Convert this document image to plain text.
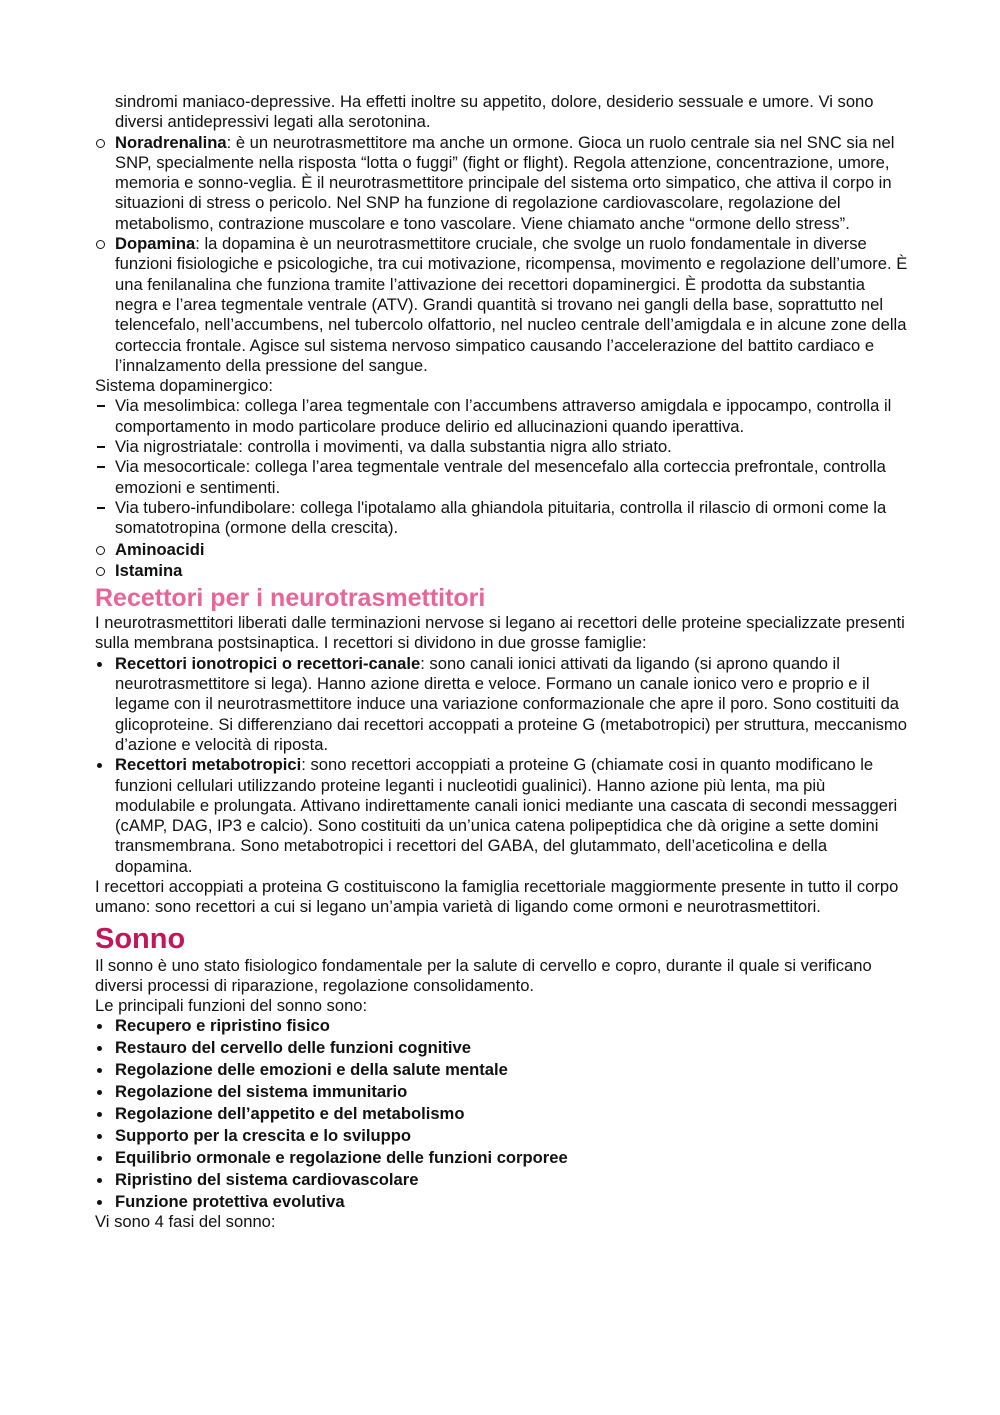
sindromi maniaco-depressive. Ha effetti inoltre su appetito, dolore, desiderio sessuale e umore. Vi sono diversi antidepressivi legati alla serotonina.

Noradrenalina: è un neurotrasmettitore ma anche un ormone. Gioca un ruolo centrale sia nel SNC sia nel SNP, specialmente nella risposta “lotta o fuggi” (fight or flight). Regola attenzione, concentrazione, umore, memoria e sonno-veglia. È il neurotrasmettitore principale del sistema orto simpatico, che attiva il corpo in situazioni di stress o pericolo. Nel SNP ha funzione di regolazione cardiovascolare, regolazione del metabolismo, contrazione muscolare e tono vascolare. Viene chiamato anche “ormone dello stress”.
Dopamina: la dopamina è un neurotrasmettitore cruciale, che svolge un ruolo fondamentale in diverse funzioni fisiologiche e psicologiche, tra cui motivazione, ricompensa, movimento e regolazione dell’umore. È una fenilanalina che funziona tramite l’attivazione dei recettori dopaminergici. È prodotta da substantia negra e l’area tegmentale ventrale (ATV). Grandi quantità si trovano nei gangli della base, soprattutto nel telencefalo, nell’accumbens, nel tubercolo olfattorio, nel nucleo centrale dell’amigdala e in alcune zone della corteccia frontale. Agisce sul sistema nervoso simpatico causando l’accelerazione del battito cardiaco e l’innalzamento della pressione del sangue.

Sistema dopaminergico:

Via mesolimbica: collega l’area tegmentale con l’accumbens attraverso amigdala e ippocampo, controlla il comportamento in modo particolare produce delirio ed allucinazioni quando iperattiva.
Via nigrostriatale: controlla i movimenti, va dalla substantia nigra allo striato.
Via mesocorticale: collega l’area tegmentale ventrale del mesencefalo alla corteccia prefrontale, controlla emozioni e sentimenti.
Via tubero-infundibolare: collega l'ipotalamo alla ghiandola pituitaria, controlla il rilascio di ormoni come la somatotropina (ormone della crescita).
Aminoacidi
Istamina
Recettori per i neurotrasmettitori

I neurotrasmettitori liberati dalle terminazioni nervose si legano ai recettori delle proteine specializzate presenti sulla membrana postsinaptica. I recettori si dividono in due grosse famiglie:

Recettori ionotropici o recettori-canale: sono canali ionici attivati da ligando (si aprono quando il neurotrasmettitore si lega). Hanno azione diretta e veloce. Formano un canale ionico vero e proprio e il legame con il neurotrasmettitore induce una variazione conformazionale che apre il poro. Sono costituiti da glicoproteine. Si differenziano dai recettori accoppati a proteine G (metabotropici) per struttura, meccanismo d’azione e velocità di riposta.
Recettori metabotropici: sono recettori accoppiati a proteine G (chiamate cosi in quanto modificano le funzioni cellulari utilizzando proteine leganti i nucleotidi gualinici). Hanno azione più lenta, ma più modulabile e prolungata. Attivano indirettamente canali ionici mediante una cascata di secondi messaggeri (cAMP, DAG, IP3 e calcio). Sono costituiti da un’unica catena polipeptidica che dà origine a sette domini transmembrana. Sono metabotropici i recettori del GABA, del glutammato, dell’aceticolina e della dopamina.

I recettori accoppiati a proteina G costituiscono la famiglia recettoriale maggiormente presente in tutto il corpo umano: sono recettori a cui si legano un’ampia varietà di ligando come ormoni e neurotrasmettitori.

Sonno

Il sonno è uno stato fisiologico fondamentale per la salute di cervello e copro, durante il quale si verificano diversi processi di riparazione, regolazione consolidamento.

Le principali funzioni del sonno sono:

Recupero e ripristino fisico
Restauro del cervello delle funzioni cognitive
Regolazione delle emozioni e della salute mentale
Regolazione del sistema immunitario
Regolazione dell’appetito e del metabolismo
Supporto per la crescita e lo sviluppo
Equilibrio ormonale e regolazione delle funzioni corporee
Ripristino del sistema cardiovascolare
Funzione protettiva evolutiva

Vi sono 4 fasi del sonno:
